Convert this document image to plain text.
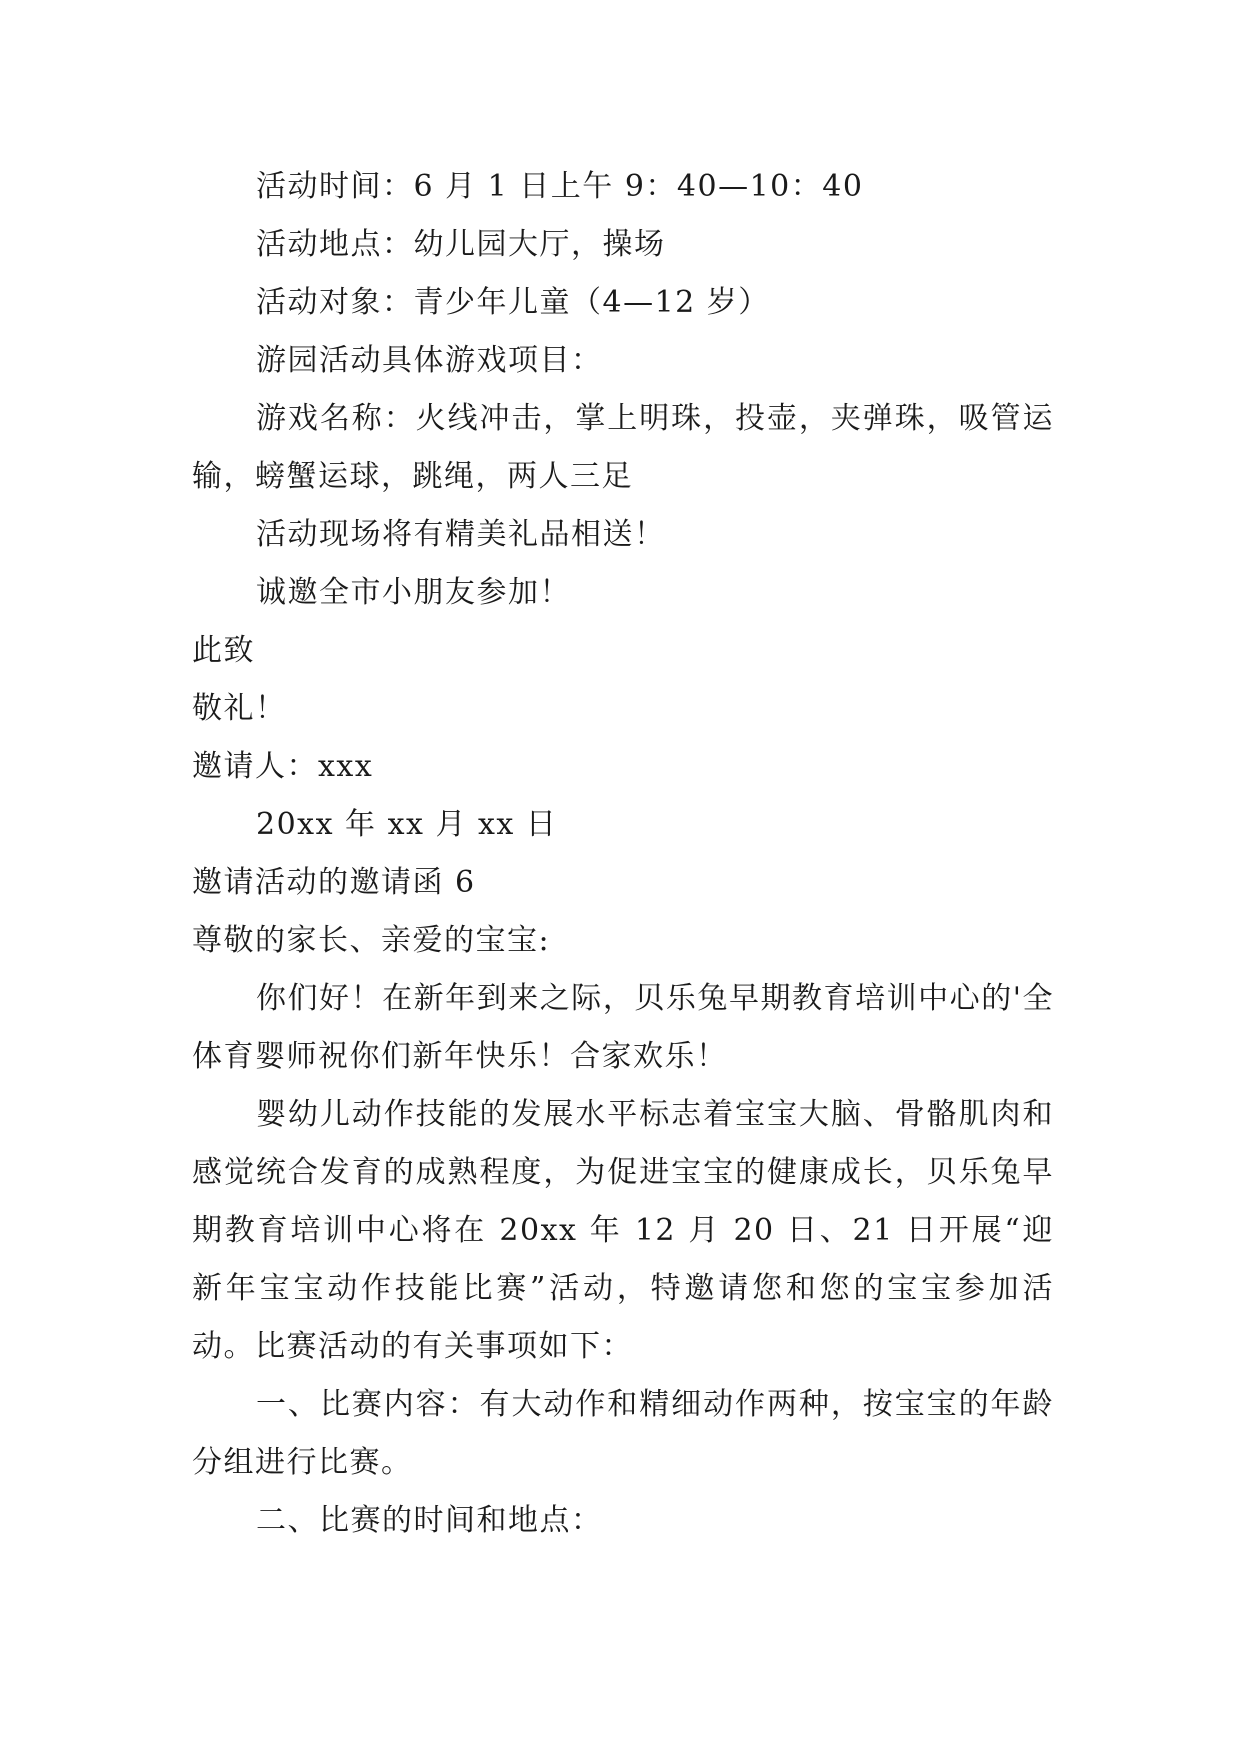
活动时间：6 月 1 日上午 9：40—10：40

活动地点：幼儿园大厅，操场

活动对象：青少年儿童（4—12 岁）

游园活动具体游戏项目：

游戏名称：火线冲击，掌上明珠，投壶，夹弹珠，吸管运输，螃蟹运球，跳绳，两人三足

活动现场将有精美礼品相送！

诚邀全市小朋友参加！

此致

敬礼！

邀请人：xxx

20xx 年 xx 月 xx 日

邀请活动的邀请函 6

尊敬的家长、亲爱的宝宝:

你们好！在新年到来之际，贝乐兔早期教育培训中心的'全体育婴师祝你们新年快乐！合家欢乐！

婴幼儿动作技能的发展水平标志着宝宝大脑、骨骼肌肉和感觉统合发育的成熟程度，为促进宝宝的健康成长，贝乐兔早期教育培训中心将在 20xx 年 12 月 20 日、21 日开展“迎新年宝宝动作技能比赛”活动，特邀请您和您的宝宝参加活动。比赛活动的有关事项如下：

一、比赛内容：有大动作和精细动作两种，按宝宝的年龄分组进行比赛。

二、比赛的时间和地点：
